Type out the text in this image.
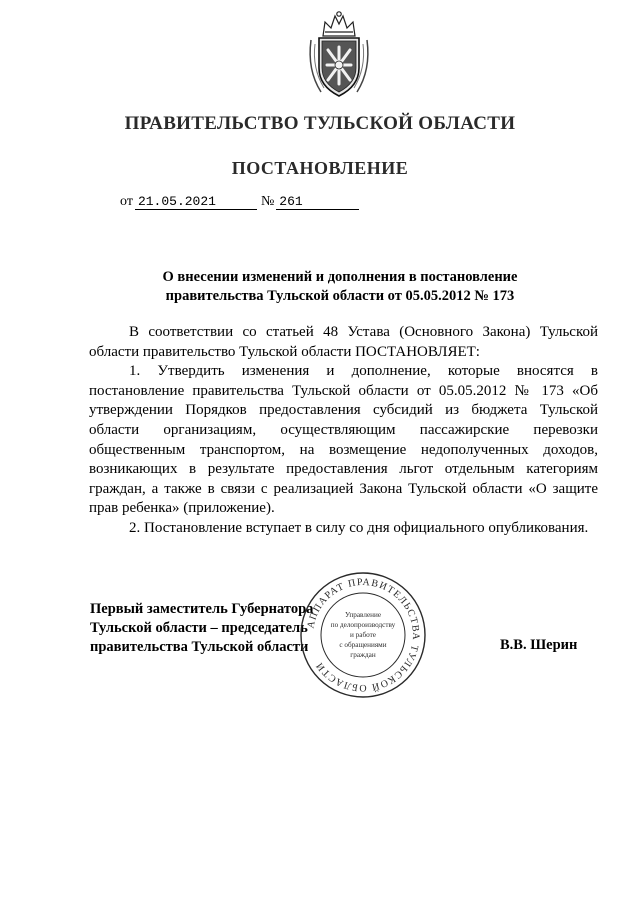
ПРАВИТЕЛЬСТВО ТУЛЬСКОЙ ОБЛАСТИ
ПОСТАНОВЛЕНИЕ
от 21.05.2021	№ 261
О внесении изменений и дополнения в постановление
правительства Тульской области от 05.05.2012 № 173

В соответствии со статьей 48 Устава (Основного Закона) Тульской области правительство Тульской области ПОСТАНОВЛЯЕТ:

1. Утвердить изменения и дополнение, которые вносятся в постановление правительства Тульской области от 05.05.2012 № 173 «Об утверждении Порядков предоставления субсидий из бюджета Тульской области организациям, осуществляющим пассажирские перевозки общественным транспортом, на возмещение недополученных доходов, возникающих в результате предоставления льгот отдельным категориям граждан, а также в связи с реализацией Закона Тульской области «О защите прав ребенка» (приложение).

2. Постановление вступает в силу со дня официального опубликования.

Первый заместитель Губернатора
Тульской области – председатель
правительства Тульской области	В.В. Шерин
АППАРАТ ПРАВИТЕЛЬСТВА ТУЛЬСКОЙ ОБЛАСТИ
Управление
по делопроизводству
и работе
с обращениями
граждан
